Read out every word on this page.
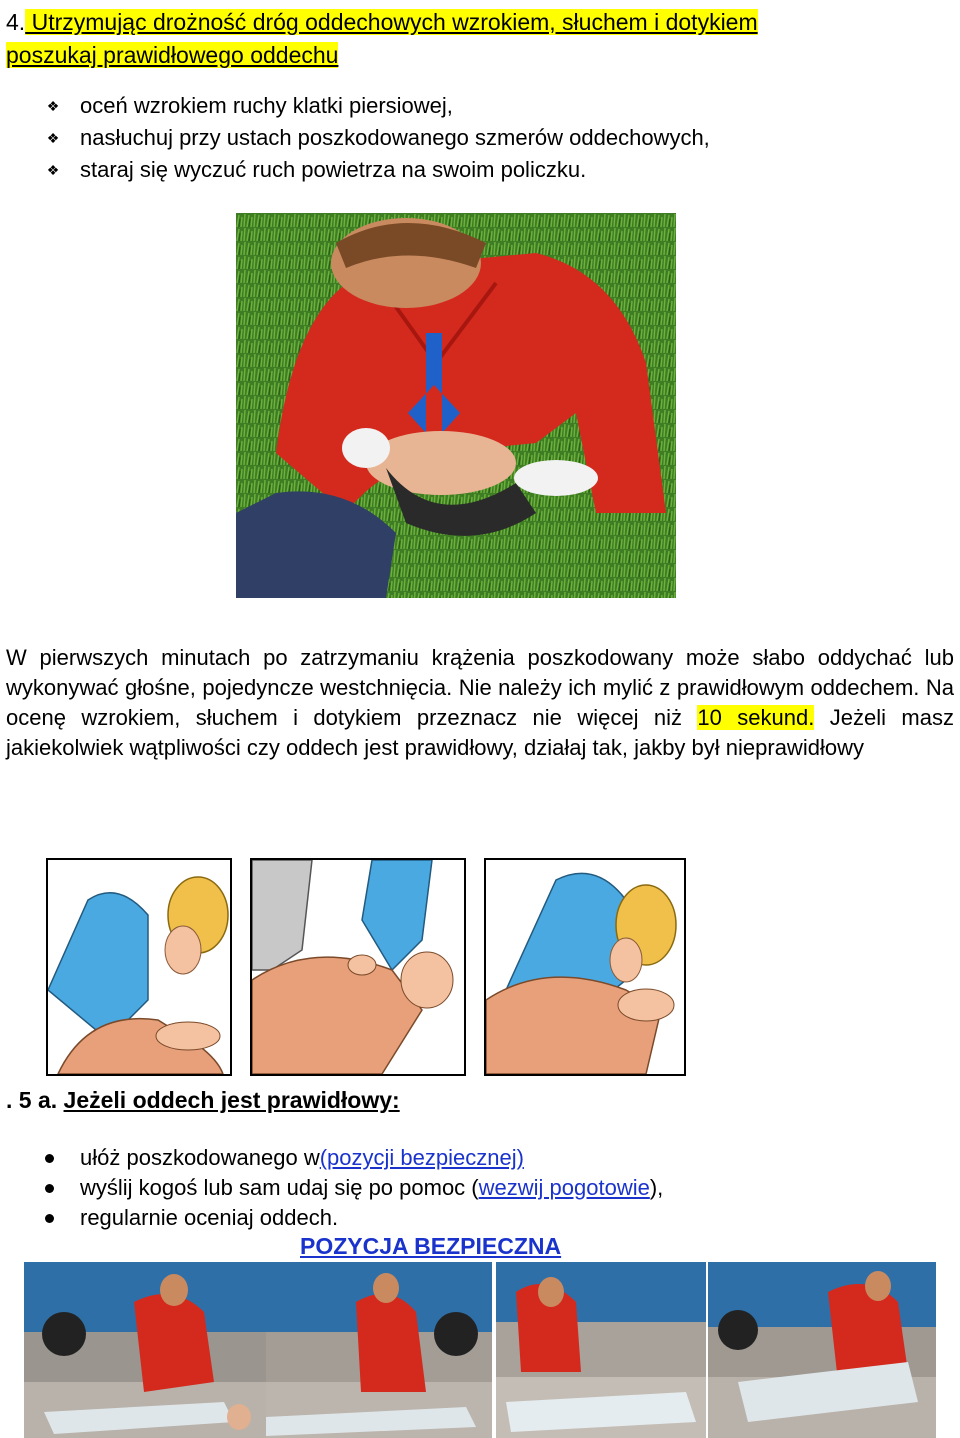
4. Utrzymując drożność dróg oddechowych wzrokiem, słuchem i dotykiem
poszukaj prawidłowego oddechu
❖ oceń wzrokiem ruchy klatki piersiowej,
❖ nasłuchuj przy ustach poszkodowanego szmerów oddechowych,
❖ staraj się wyczuć ruch powietrza na swoim policzku.
W pierwszych minutach po zatrzymaniu krążenia poszkodowany może słabo oddychać lub wykonywać głośne, pojedyncze westchnięcia. Nie należy ich mylić z prawidłowym oddechem. Na ocenę wzrokiem, słuchem i dotykiem przeznacz nie więcej niż 10 sekund. Jeżeli masz jakiekolwiek wątpliwości czy oddech jest prawidłowy, działaj tak, jakby był nieprawidłowy
. 5 a. Jeżeli oddech jest prawidłowy:
ułóż poszkodowanego w (pozycji bezpiecznej)
wyślij kogoś lub sam udaj się po pomoc ( wezwij pogotowie ),
regularnie oceniaj oddech.
POZYCJA BEZPIECZNA
